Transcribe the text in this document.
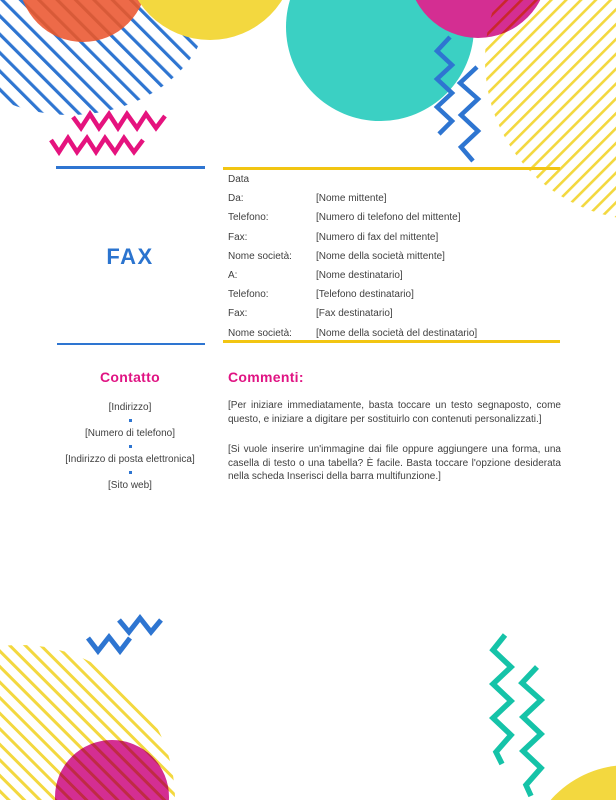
FAX
Data
Da:	[Nome mittente]
Telefono:	[Numero di telefono del mittente]
Fax:	[Numero di fax del mittente]
Nome società:	[Nome della società mittente]
A:	[Nome destinatario]
Telefono:	[Telefono destinatario]
Fax:	[Fax destinatario]
Nome società:	[Nome della società del destinatario]
Contatto
[Indirizzo]
[Numero di telefono]
[Indirizzo di posta elettronica]
[Sito web]
Commenti:

[Per iniziare immediatamente, basta toccare un testo segnaposto, come questo, e iniziare a digitare per sostituirlo con contenuti personalizzati.]

[Si vuole inserire un'immagine dai file oppure aggiungere una forma, una casella di testo o una tabella? È facile. Basta toccare l'opzione desiderata nella scheda Inserisci della barra multifunzione.]
